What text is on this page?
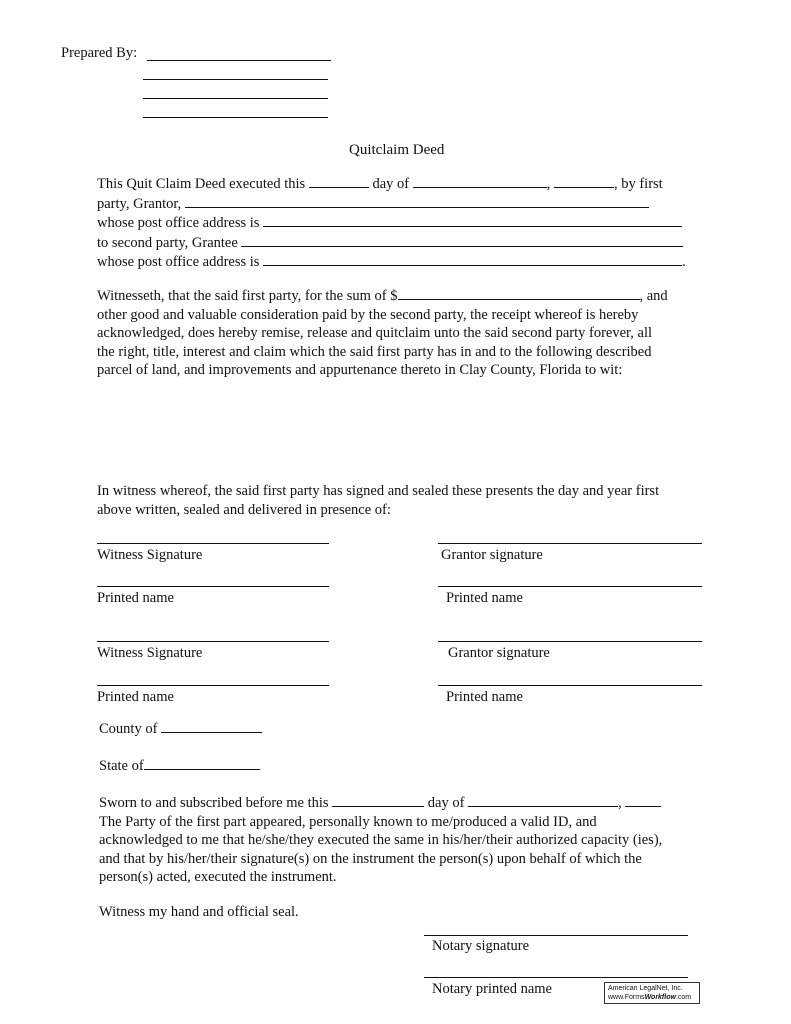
Prepared By:
Quitclaim Deed
This Quit Claim Deed executed this	day of	,	, by first
party, Grantor,
whose post office address is
to second party, Grantee
whose post office address is	.
Witnesseth, that the said first party, for the sum of $	, and
other good and valuable consideration paid by the second party, the receipt whereof is hereby
acknowledged, does hereby remise, release and quitclaim unto the said second party forever, all
the right, title, interest and claim which the said first party has in and to the following described
parcel of land, and improvements and appurtenance thereto in Clay County, Florida to wit:
In witness whereof, the said first party has signed and sealed these presents the day and year first
above written, sealed and delivered in presence of:
Witness Signature	Grantor signature
Printed name	Printed name
Witness Signature	Grantor signature
Printed name	Printed name
County of
State of
Sworn to and subscribed before me this	day of	,
The Party of the first part appeared, personally known to me/produced a valid ID, and
acknowledged to me that he/she/they executed the same in his/her/their authorized capacity (ies),
and that by his/her/their signature(s) on the instrument the person(s) upon behalf of which the
person(s) acted, executed the instrument.
Witness my hand and official seal.
Notary signature
Notary printed name	American LegalNet, Inc.
www.FormsWorkflow.com
